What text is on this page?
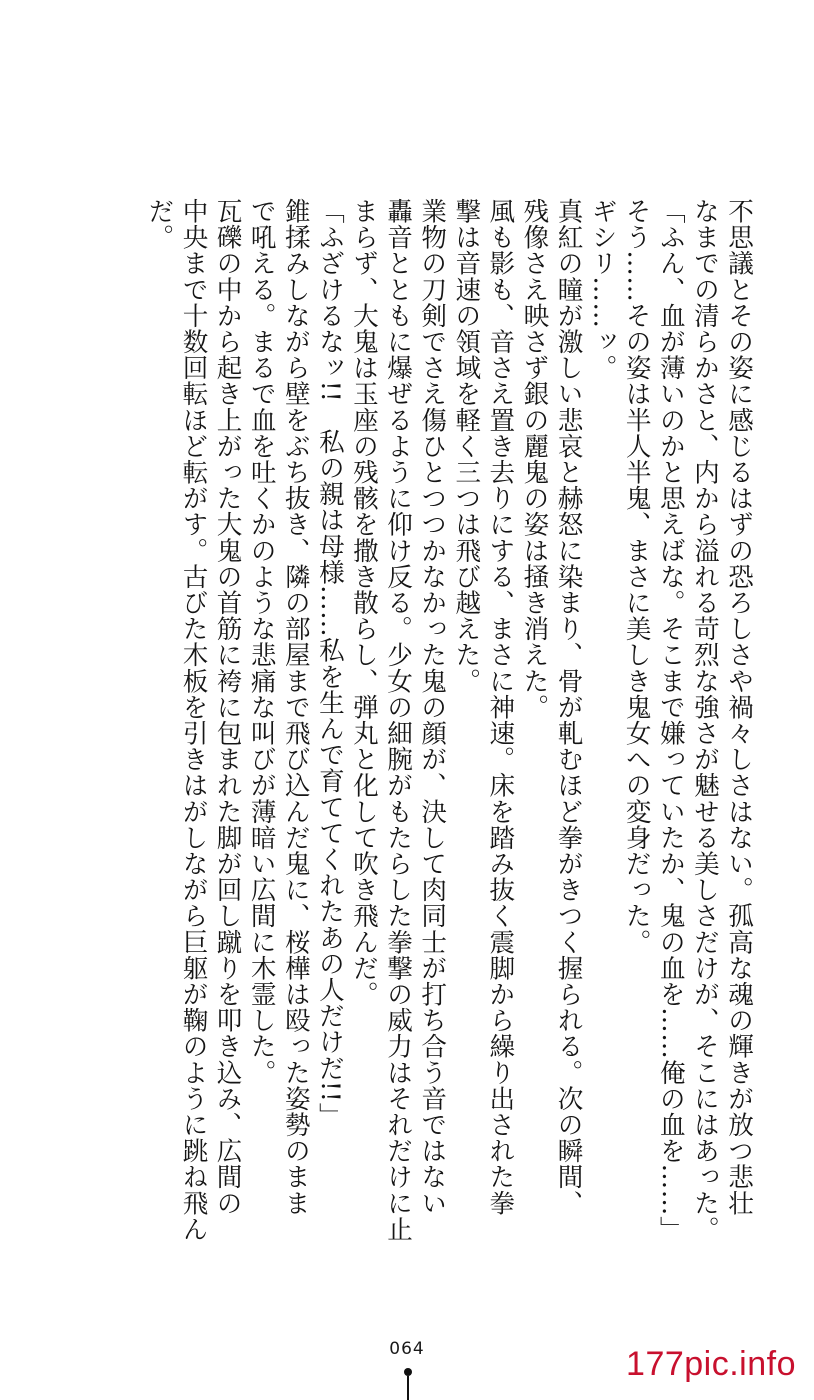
不思議とその姿に感じるはずの恐ろしさや禍々しさはない。孤高な魂の輝きが放つ悲壮
なまでの清らかさと、内から溢れる苛烈な強さが魅せる美しさだけが、そこにはあった。
「ふん、血が薄いのかと思えばな。そこまで嫌っていたか、鬼の血を……俺の血を……」
そう……その姿は半人半鬼、まさに美しき鬼女への変身だった。
ギシリ……ッ。
真紅の瞳が激しい悲哀と赫怒に染まり、骨が軋むほど拳がきつく握られる。次の瞬間、
残像さえ映さず銀の麗鬼の姿は掻き消えた。
風も影も、音さえ置き去りにする、まさに神速。床を踏み抜く震脚から繰り出された拳
撃は音速の領域を軽く三つは飛び越えた。
業物の刀剣でさえ傷ひとつつかなかった鬼の顔が、決して肉同士が打ち合う音ではない
轟音とともに爆ぜるように仰け反る。少女の細腕がもたらした拳撃の威力はそれだけに止
まらず、大鬼は玉座の残骸を撒き散らし、弾丸と化して吹き飛んだ。
「ふざけるなッ!!　私の親は母様……私を生んで育ててくれたあの人だけだ!!」
錐揉みしながら壁をぶち抜き、隣の部屋まで飛び込んだ鬼に、桜樺は殴った姿勢のまま
で吼える。まるで血を吐くかのような悲痛な叫びが薄暗い広間に木霊した。
瓦礫の中から起き上がった大鬼の首筋に袴に包まれた脚が回し蹴りを叩き込み、広間の
中央まで十数回転ほど転がす。古びた木板を引きはがしながら巨躯が鞠のように跳ね飛ん
だ。
064	177pic.info
